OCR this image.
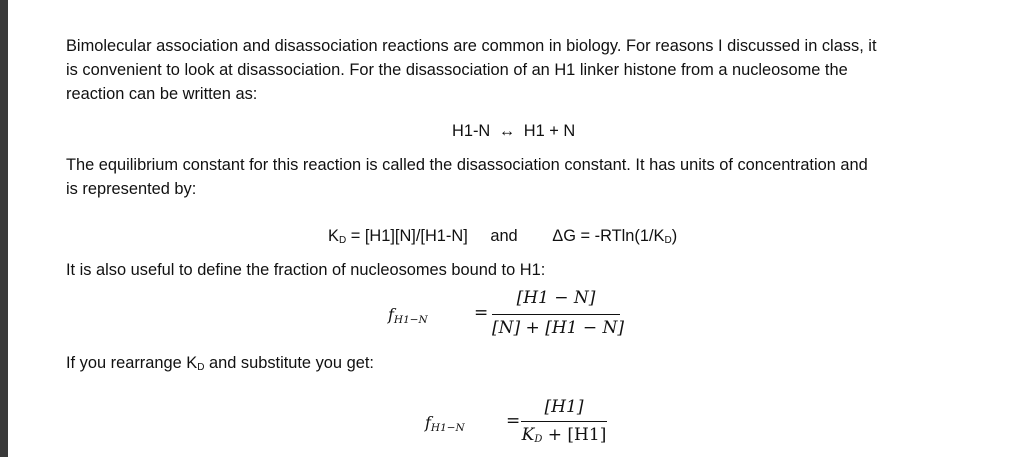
Bimolecular association and disassociation reactions are common in biology. For reasons I discussed in class, it
is convenient to look at disassociation. For the disassociation of an H1 linker histone from a nucleosome the
reaction can be written as:
H1-N ↔ H1 + N
The equilibrium constant for this reaction is called the disassociation constant. It has units of concentration and
is represented by:
KD = [H1][N]/[H1-N] and ΔG = -RTln(1/KD)
It is also useful to define the fraction of nucleosomes bound to H1:
$f_{H1-N}$	=
[H1 − N]
[N] + [H1 − N]
If you rearrange KD and substitute you get:
$f_{H1-N}$ =
[H1]
KD + [H1]
